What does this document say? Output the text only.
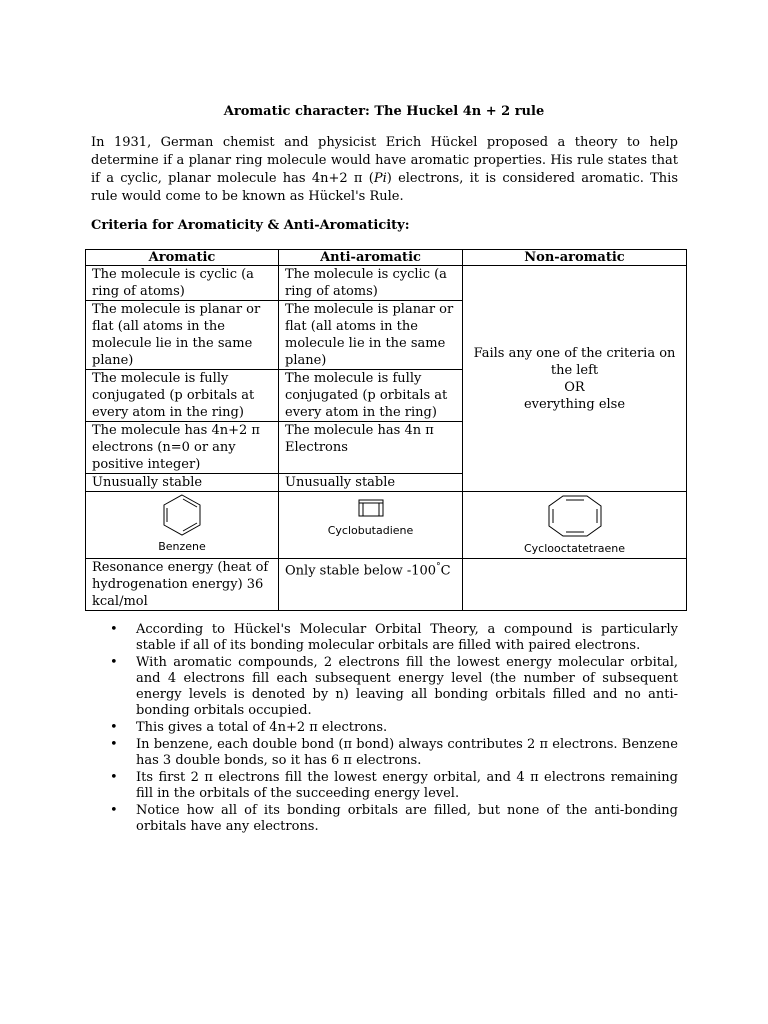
Aromatic character: The Huckel 4n + 2 rule
In 1931, German chemist and physicist Erich Hückel proposed a theory to help determine if a planar ring molecule would have aromatic properties. His rule states that if a cyclic, planar molecule has 4n+2 π (Pi) electrons, it is considered aromatic. This rule would come to be known as Hückel's Rule.
Criteria for Aromaticity & Anti-Aromaticity:
Aromatic	Anti-aromatic	Non-aromatic
The molecule is cyclic (a ring of atoms)	The molecule is cyclic (a ring of atoms)	Fails any one of the criteria on the left
OR
everything else

The molecule is planar or flat (all atoms in the molecule lie in the same plane)	The molecule is planar or flat (all atoms in the molecule lie in the same plane)	
The molecule is fully conjugated (p orbitals at every atom in the ring)	The molecule is fully conjugated (p orbitals at every atom in the ring)	
The molecule has 4n+2 π electrons (n=0 or any positive integer)	The molecule has 4n π Electrons	
Unusually stable	Unusually stable	

Benzene	Cyclobutadiene	Cyclooctatetraene

Resonance energy (heat of hydrogenation energy) 36 kcal/mol	Only stable below -100°C	
• According to Hückel's Molecular Orbital Theory, a compound is particularly stable if all of its bonding molecular orbitals are filled with paired electrons.
• With aromatic compounds, 2 electrons fill the lowest energy molecular orbital, and 4 electrons fill each subsequent energy level (the number of subsequent energy levels is denoted by n) leaving all bonding orbitals filled and no anti-bonding orbitals occupied.
• This gives a total of 4n+2 π electrons.
• In benzene, each double bond (π bond) always contributes 2 π electrons. Benzene has 3 double bonds, so it has 6 π electrons.
• Its first 2 π electrons fill the lowest energy orbital, and 4 π electrons remaining fill in the orbitals of the succeeding energy level.
• Notice how all of its bonding orbitals are filled, but none of the anti-bonding orbitals have any electrons.
